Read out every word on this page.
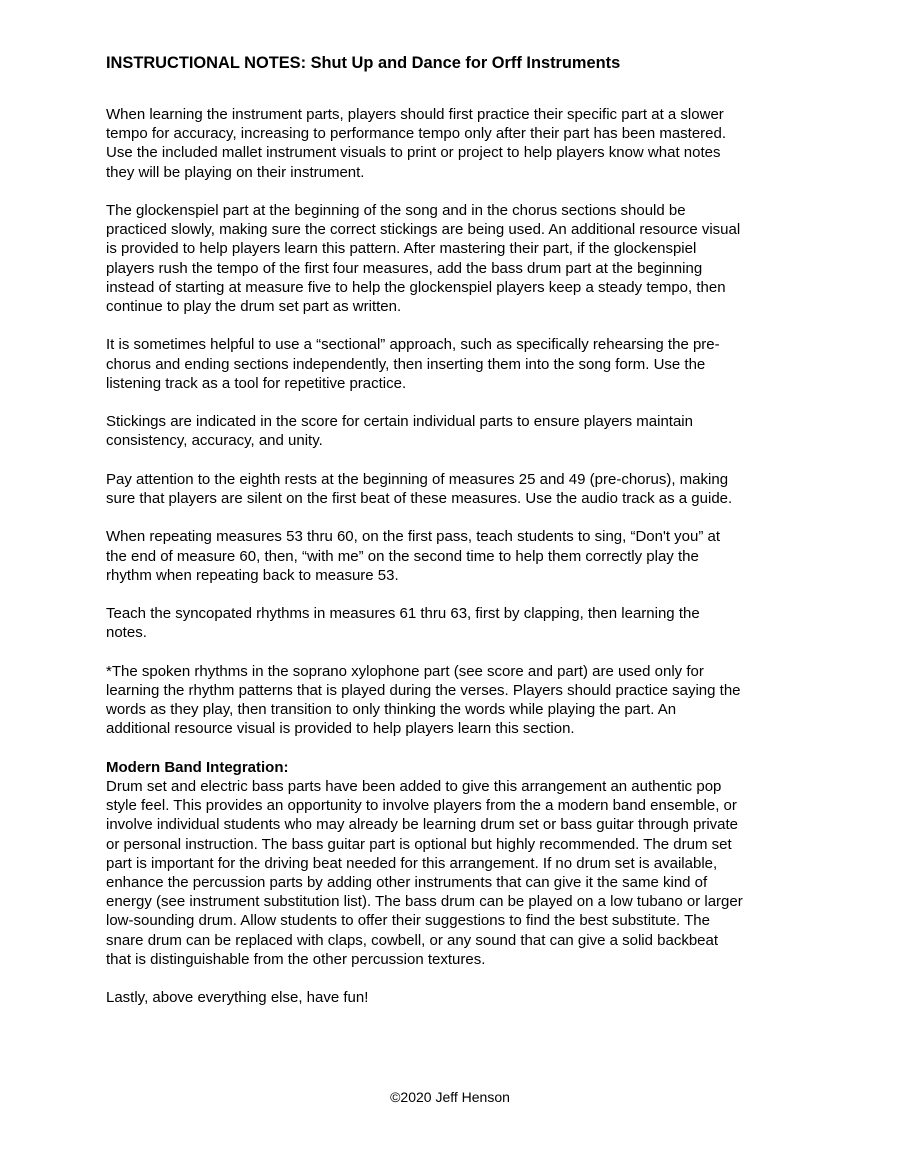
INSTRUCTIONAL NOTES: Shut Up and Dance for Orff Instruments
When learning the instrument parts, players should first practice their specific part at a slower
tempo for accuracy, increasing to performance tempo only after their part has been mastered.
Use the included mallet instrument visuals to print or project to help players know what notes
they will be playing on their instrument.
The glockenspiel part at the beginning of the song and in the chorus sections should be
practiced slowly, making sure the correct stickings are being used. An additional resource visual
is provided to help players learn this pattern. After mastering their part, if the glockenspiel
players rush the tempo of the first four measures, add the bass drum part at the beginning
instead of starting at measure five to help the glockenspiel players keep a steady tempo, then
continue to play the drum set part as written.
It is sometimes helpful to use a “sectional” approach, such as specifically rehearsing the pre-
chorus and ending sections independently, then inserting them into the song form. Use the
listening track as a tool for repetitive practice.
Stickings are indicated in the score for certain individual parts to ensure players maintain
consistency, accuracy, and unity.
Pay attention to the eighth rests at the beginning of measures 25 and 49 (pre-chorus), making
sure that players are silent on the first beat of these measures. Use the audio track as a guide.
When repeating measures 53 thru 60, on the first pass, teach students to sing, “Don't you” at
the end of measure 60, then, “with me” on the second time to help them correctly play the
rhythm when repeating back to measure 53.
Teach the syncopated rhythms in measures 61 thru 63, first by clapping, then learning the
notes.
*The spoken rhythms in the soprano xylophone part (see score and part) are used only for
learning the rhythm patterns that is played during the verses. Players should practice saying the
words as they play, then transition to only thinking the words while playing the part. An
additional resource visual is provided to help players learn this section.
Modern Band Integration:
Drum set and electric bass parts have been added to give this arrangement an authentic pop
style feel. This provides an opportunity to involve players from the a modern band ensemble, or
involve individual students who may already be learning drum set or bass guitar through private
or personal instruction. The bass guitar part is optional but highly recommended. The drum set
part is important for the driving beat needed for this arrangement. If no drum set is available,
enhance the percussion parts by adding other instruments that can give it the same kind of
energy (see instrument substitution list). The bass drum can be played on a low tubano or larger
low-sounding drum. Allow students to offer their suggestions to find the best substitute. The
snare drum can be replaced with claps, cowbell, or any sound that can give a solid backbeat
that is distinguishable from the other percussion textures.
Lastly, above everything else, have fun!
©2020 Jeff Henson
